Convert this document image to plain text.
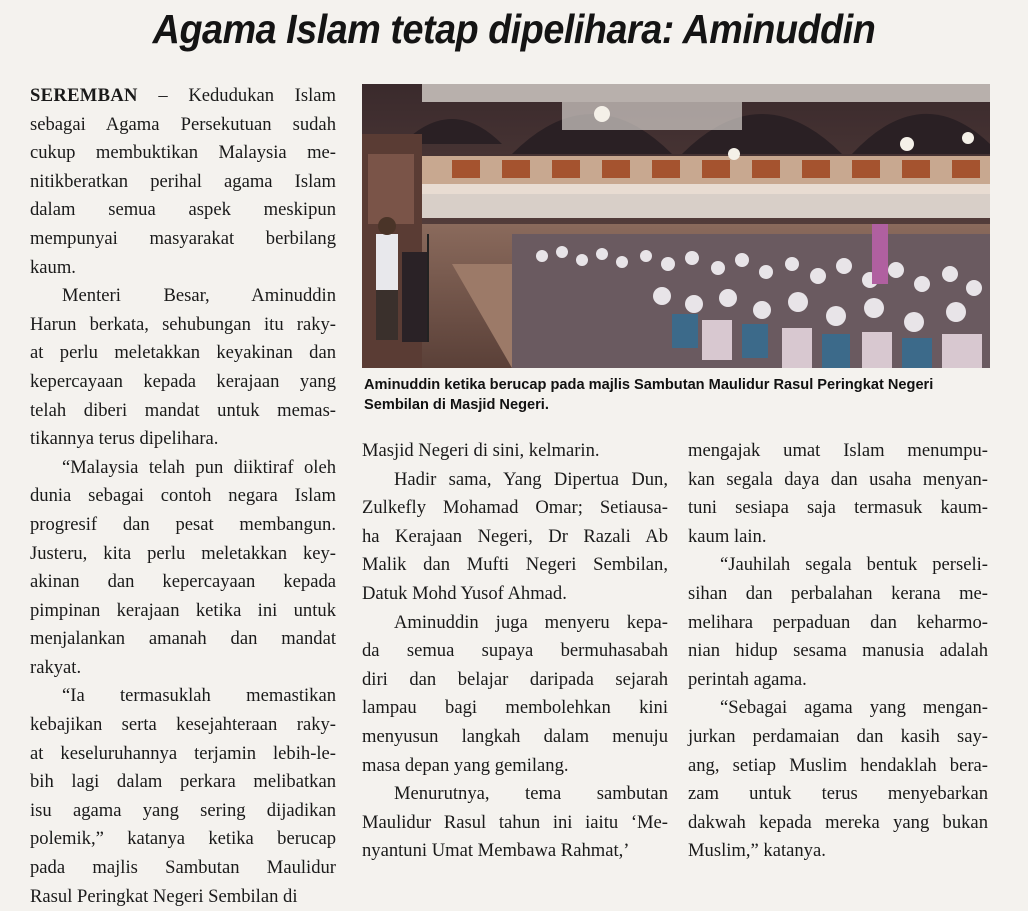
Agama Islam tetap dipelihara: Aminuddin

SEREMBAN – Kedudukan Islam
sebagai Agama Persekutuan sudah
cukup membuktikan Malaysia me-
nitikberatkan perihal agama Islam
dalam semua aspek meskipun
mempunyai masyarakat berbilang
kaum.

Menteri Besar, Aminuddin
Harun berkata, sehubungan itu raky-
at perlu meletakkan keyakinan dan
kepercayaan kepada kerajaan yang
telah diberi mandat untuk memas-
tikannya terus dipelihara.

“Malaysia telah pun diiktiraf oleh
dunia sebagai contoh negara Islam
progresif dan pesat membangun.
Justeru, kita perlu meletakkan key-
akinan dan kepercayaan kepada
pimpinan kerajaan ketika ini untuk
menjalankan amanah dan mandat
rakyat.

“Ia termasuklah memastikan
kebajikan serta kesejahteraan raky-
at keseluruhannya terjamin lebih-le-
bih lagi dalam perkara melibatkan
isu agama yang sering dijadikan
polemik,” katanya ketika berucap
pada majlis Sambutan Maulidur
Rasul Peringkat Negeri Sembilan di

Masjid Negeri di sini, kelmarin.

Hadir sama, Yang Dipertua Dun,
Zulkefly Mohamad Omar; Setiausa-
ha Kerajaan Negeri, Dr Razali Ab
Malik dan Mufti Negeri Sembilan,
Datuk Mohd Yusof Ahmad.

Aminuddin juga menyeru kepa-
da semua supaya bermuhasabah
diri dan belajar daripada sejarah
lampau bagi membolehkan kini
menyusun langkah dalam menuju
masa depan yang gemilang.

Menurutnya, tema sambutan
Maulidur Rasul tahun ini iaitu ‘Me-
nyantuni Umat Membawa Rahmat,’

mengajak umat Islam menumpu-
kan segala daya dan usaha menyan-
tuni sesiapa saja termasuk kaum-
kaum lain.

“Jauhilah segala bentuk perseli-
sihan dan perbalahan kerana me-
melihara perpaduan dan keharmo-
nian hidup sesama manusia adalah
perintah agama.

“Sebagai agama yang mengan-
jurkan perdamaian dan kasih say-
ang, setiap Muslim hendaklah bera-
zam untuk terus menyebarkan
dakwah kepada mereka yang bukan
Muslim,” katanya.

Aminuddin ketika berucap pada majlis Sambutan Maulidur Rasul Peringkat Negeri
Sembilan di Masjid Negeri.
